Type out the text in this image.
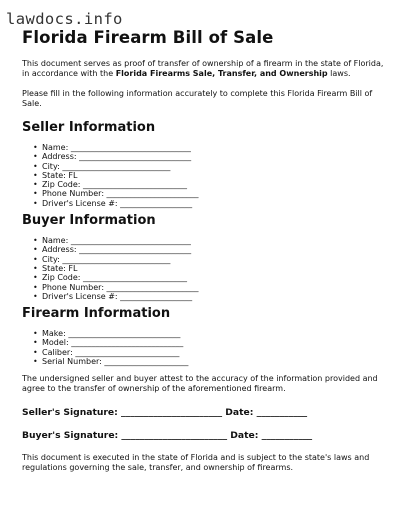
lawdocs.info
Florida Firearm Bill of Sale

This document serves as proof of transfer of ownership of a firearm in the state of Florida, in accordance with the Florida Firearms Sale, Transfer, and Ownership laws.

Please fill in the following information accurately to complete this Florida Firearm Bill of Sale.

Seller Information
• Name: ______________________________
• Address: ____________________________
• City: ___________________________
• State: FL
• Zip Code: __________________________
• Phone Number: _______________________
• Driver's License #: __________________
Buyer Information
• Name: ______________________________
• Address: ____________________________
• City: ___________________________
• State: FL
• Zip Code: __________________________
• Phone Number: _______________________
• Driver's License #: __________________
Firearm Information
• Make: ____________________________
• Model: ____________________________
• Caliber: __________________________
• Serial Number: _____________________

The undersigned seller and buyer attest to the accuracy of the information provided and agree to the transfer of ownership of the aforementioned firearm.

Seller's Signature: ______________________ Date: ___________
Buyer's Signature: _______________________ Date: ___________

This document is executed in the state of Florida and is subject to the state's laws and regulations governing the sale, transfer, and ownership of firearms.
